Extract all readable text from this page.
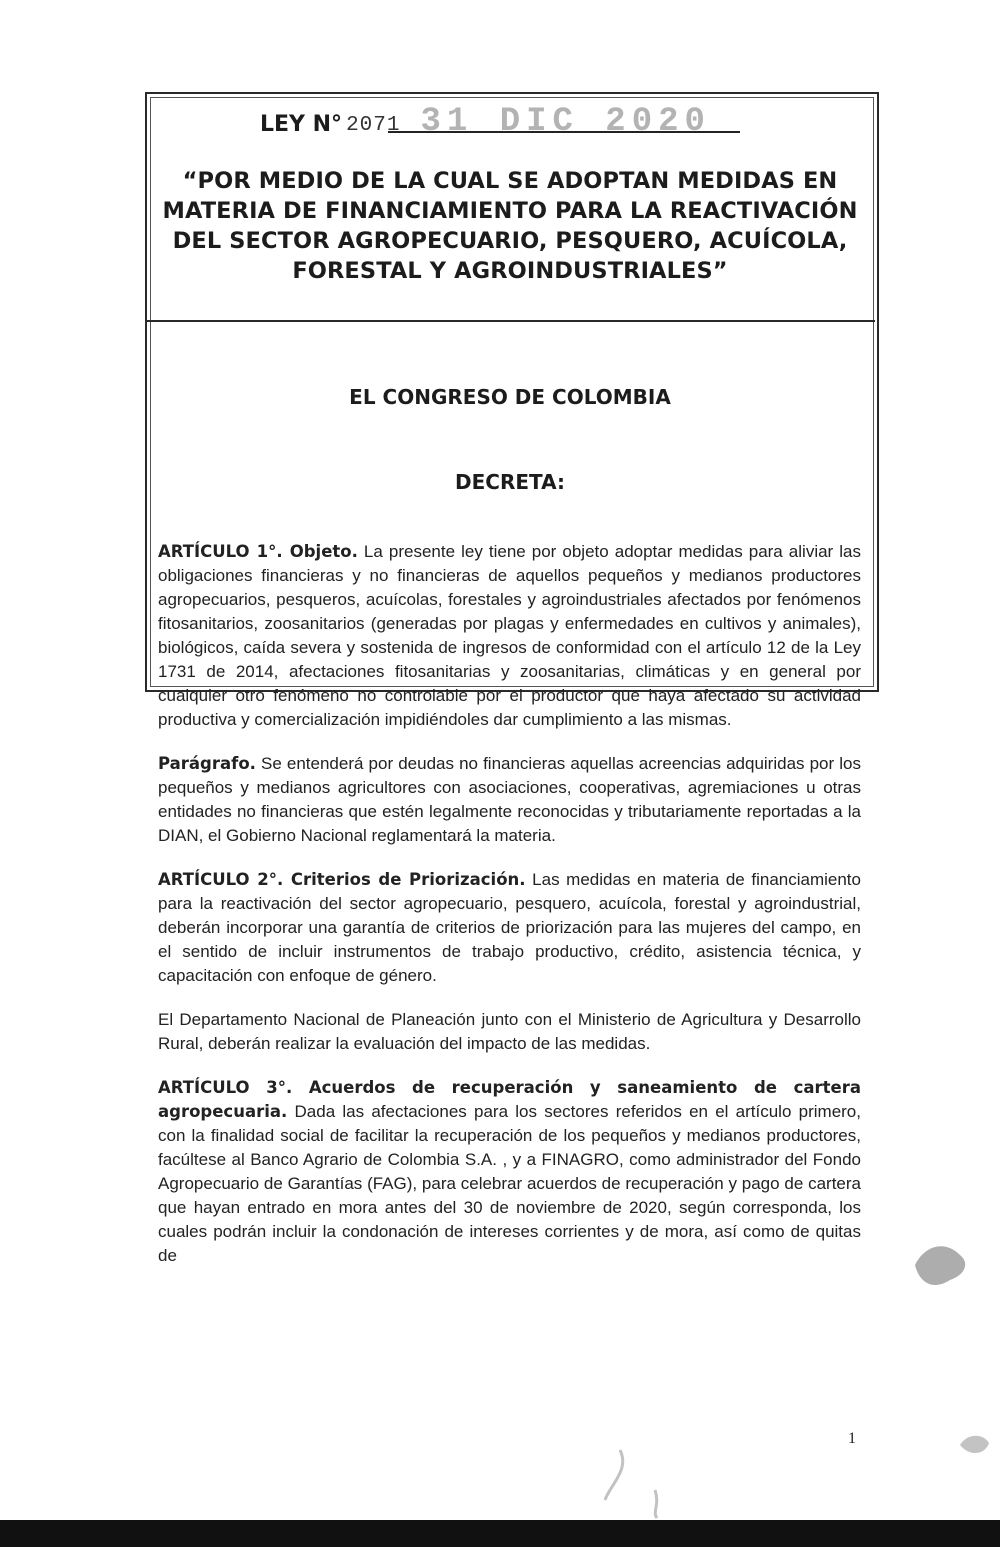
LEY N° 2071 31 DIC 2020
“POR MEDIO DE LA CUAL SE ADOPTAN MEDIDAS EN MATERIA DE FINANCIAMIENTO PARA LA REACTIVACIÓN DEL SECTOR AGROPECUARIO, PESQUERO, ACUÍCOLA, FORESTAL Y AGROINDUSTRIALES”
EL CONGRESO DE COLOMBIA
DECRETA:

ARTÍCULO 1°. Objeto. La presente ley tiene por objeto adoptar medidas para aliviar las obligaciones financieras y no financieras de aquellos pequeños y medianos productores agropecuarios, pesqueros, acuícolas, forestales y agroindustriales afectados por fenómenos fitosanitarios, zoosanitarios (generadas por plagas y enfermedades en cultivos y animales), biológicos, caída severa y sostenida de ingresos de conformidad con el artículo 12 de la Ley 1731 de 2014, afectaciones fitosanitarias y zoosanitarias, climáticas y en general por cualquier otro fenómeno no controlable por el productor que haya afectado su actividad productiva y comercialización impidiéndoles dar cumplimiento a las mismas.

Parágrafo. Se entenderá por deudas no financieras aquellas acreencias adquiridas por los pequeños y medianos agricultores con asociaciones, cooperativas, agremiaciones u otras entidades no financieras que estén legalmente reconocidas y tributariamente reportadas a la DIAN, el Gobierno Nacional reglamentará la materia.

ARTÍCULO 2°. Criterios de Priorización. Las medidas en materia de financiamiento para la reactivación del sector agropecuario, pesquero, acuícola, forestal y agroindustrial, deberán incorporar una garantía de criterios de priorización para las mujeres del campo, en el sentido de incluir instrumentos de trabajo productivo, crédito, asistencia técnica, y capacitación con enfoque de género.

El Departamento Nacional de Planeación junto con el Ministerio de Agricultura y Desarrollo Rural, deberán realizar la evaluación del impacto de las medidas.

ARTÍCULO 3°. Acuerdos de recuperación y saneamiento de cartera agropecuaria. Dada las afectaciones para los sectores referidos en el artículo primero, con la finalidad social de facilitar la recuperación de los pequeños y medianos productores, facúltese al Banco Agrario de Colombia S.A. , y a FINAGRO, como administrador del Fondo Agropecuario de Garantías (FAG), para celebrar acuerdos de recuperación y pago de cartera que hayan entrado en mora antes del 30 de noviembre de 2020, según corresponda, los cuales podrán incluir la condonación de intereses corrientes y de mora, así como de quitas de

1
